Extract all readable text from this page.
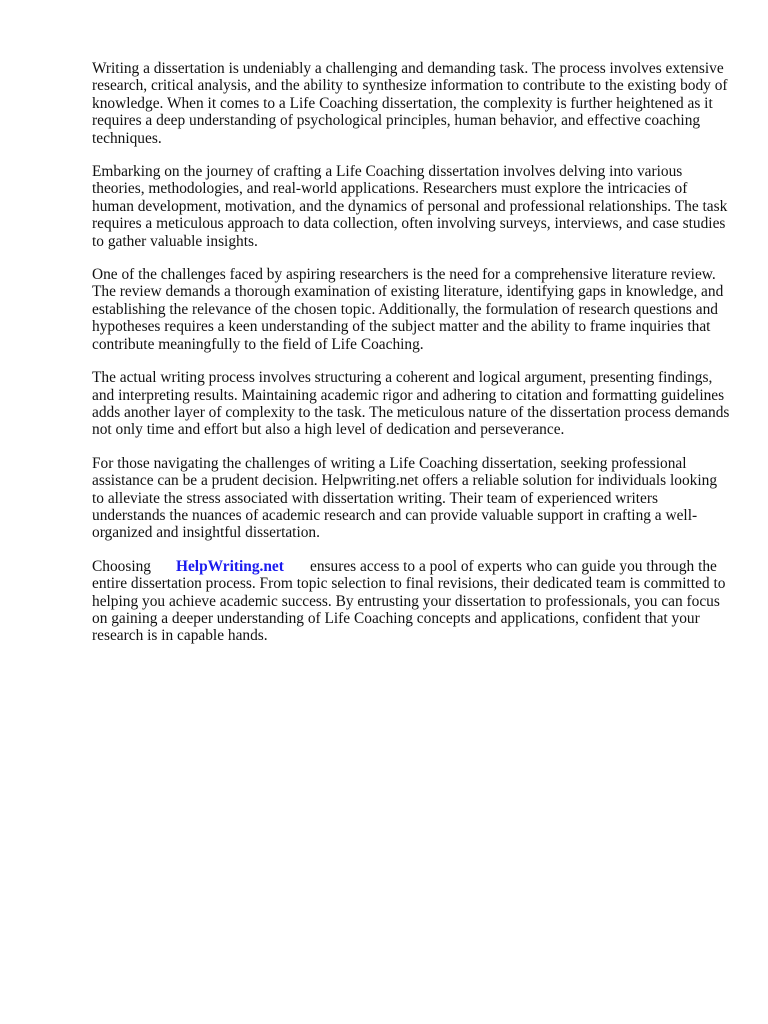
Writing a dissertation is undeniably a challenging and demanding task. The process involves extensive research, critical analysis, and the ability to synthesize information to contribute to the existing body of knowledge. When it comes to a Life Coaching dissertation, the complexity is further heightened as it requires a deep understanding of psychological principles, human behavior, and effective coaching techniques.

Embarking on the journey of crafting a Life Coaching dissertation involves delving into various theories, methodologies, and real-world applications. Researchers must explore the intricacies of human development, motivation, and the dynamics of personal and professional relationships. The task requires a meticulous approach to data collection, often involving surveys, interviews, and case studies to gather valuable insights.

One of the challenges faced by aspiring researchers is the need for a comprehensive literature review. The review demands a thorough examination of existing literature, identifying gaps in knowledge, and establishing the relevance of the chosen topic. Additionally, the formulation of research questions and hypotheses requires a keen understanding of the subject matter and the ability to frame inquiries that contribute meaningfully to the field of Life Coaching.

The actual writing process involves structuring a coherent and logical argument, presenting findings, and interpreting results. Maintaining academic rigor and adhering to citation and formatting guidelines adds another layer of complexity to the task. The meticulous nature of the dissertation process demands not only time and effort but also a high level of dedication and perseverance.

For those navigating the challenges of writing a Life Coaching dissertation, seeking professional assistance can be a prudent decision. Helpwriting.net offers a reliable solution for individuals looking to alleviate the stress associated with dissertation writing. Their team of experienced writers understands the nuances of academic research and can provide valuable support in crafting a well-organized and insightful dissertation.

Choosing HelpWriting.net ensures access to a pool of experts who can guide you through the entire dissertation process. From topic selection to final revisions, their dedicated team is committed to helping you achieve academic success. By entrusting your dissertation to professionals, you can focus on gaining a deeper understanding of Life Coaching concepts and applications, confident that your research is in capable hands.
